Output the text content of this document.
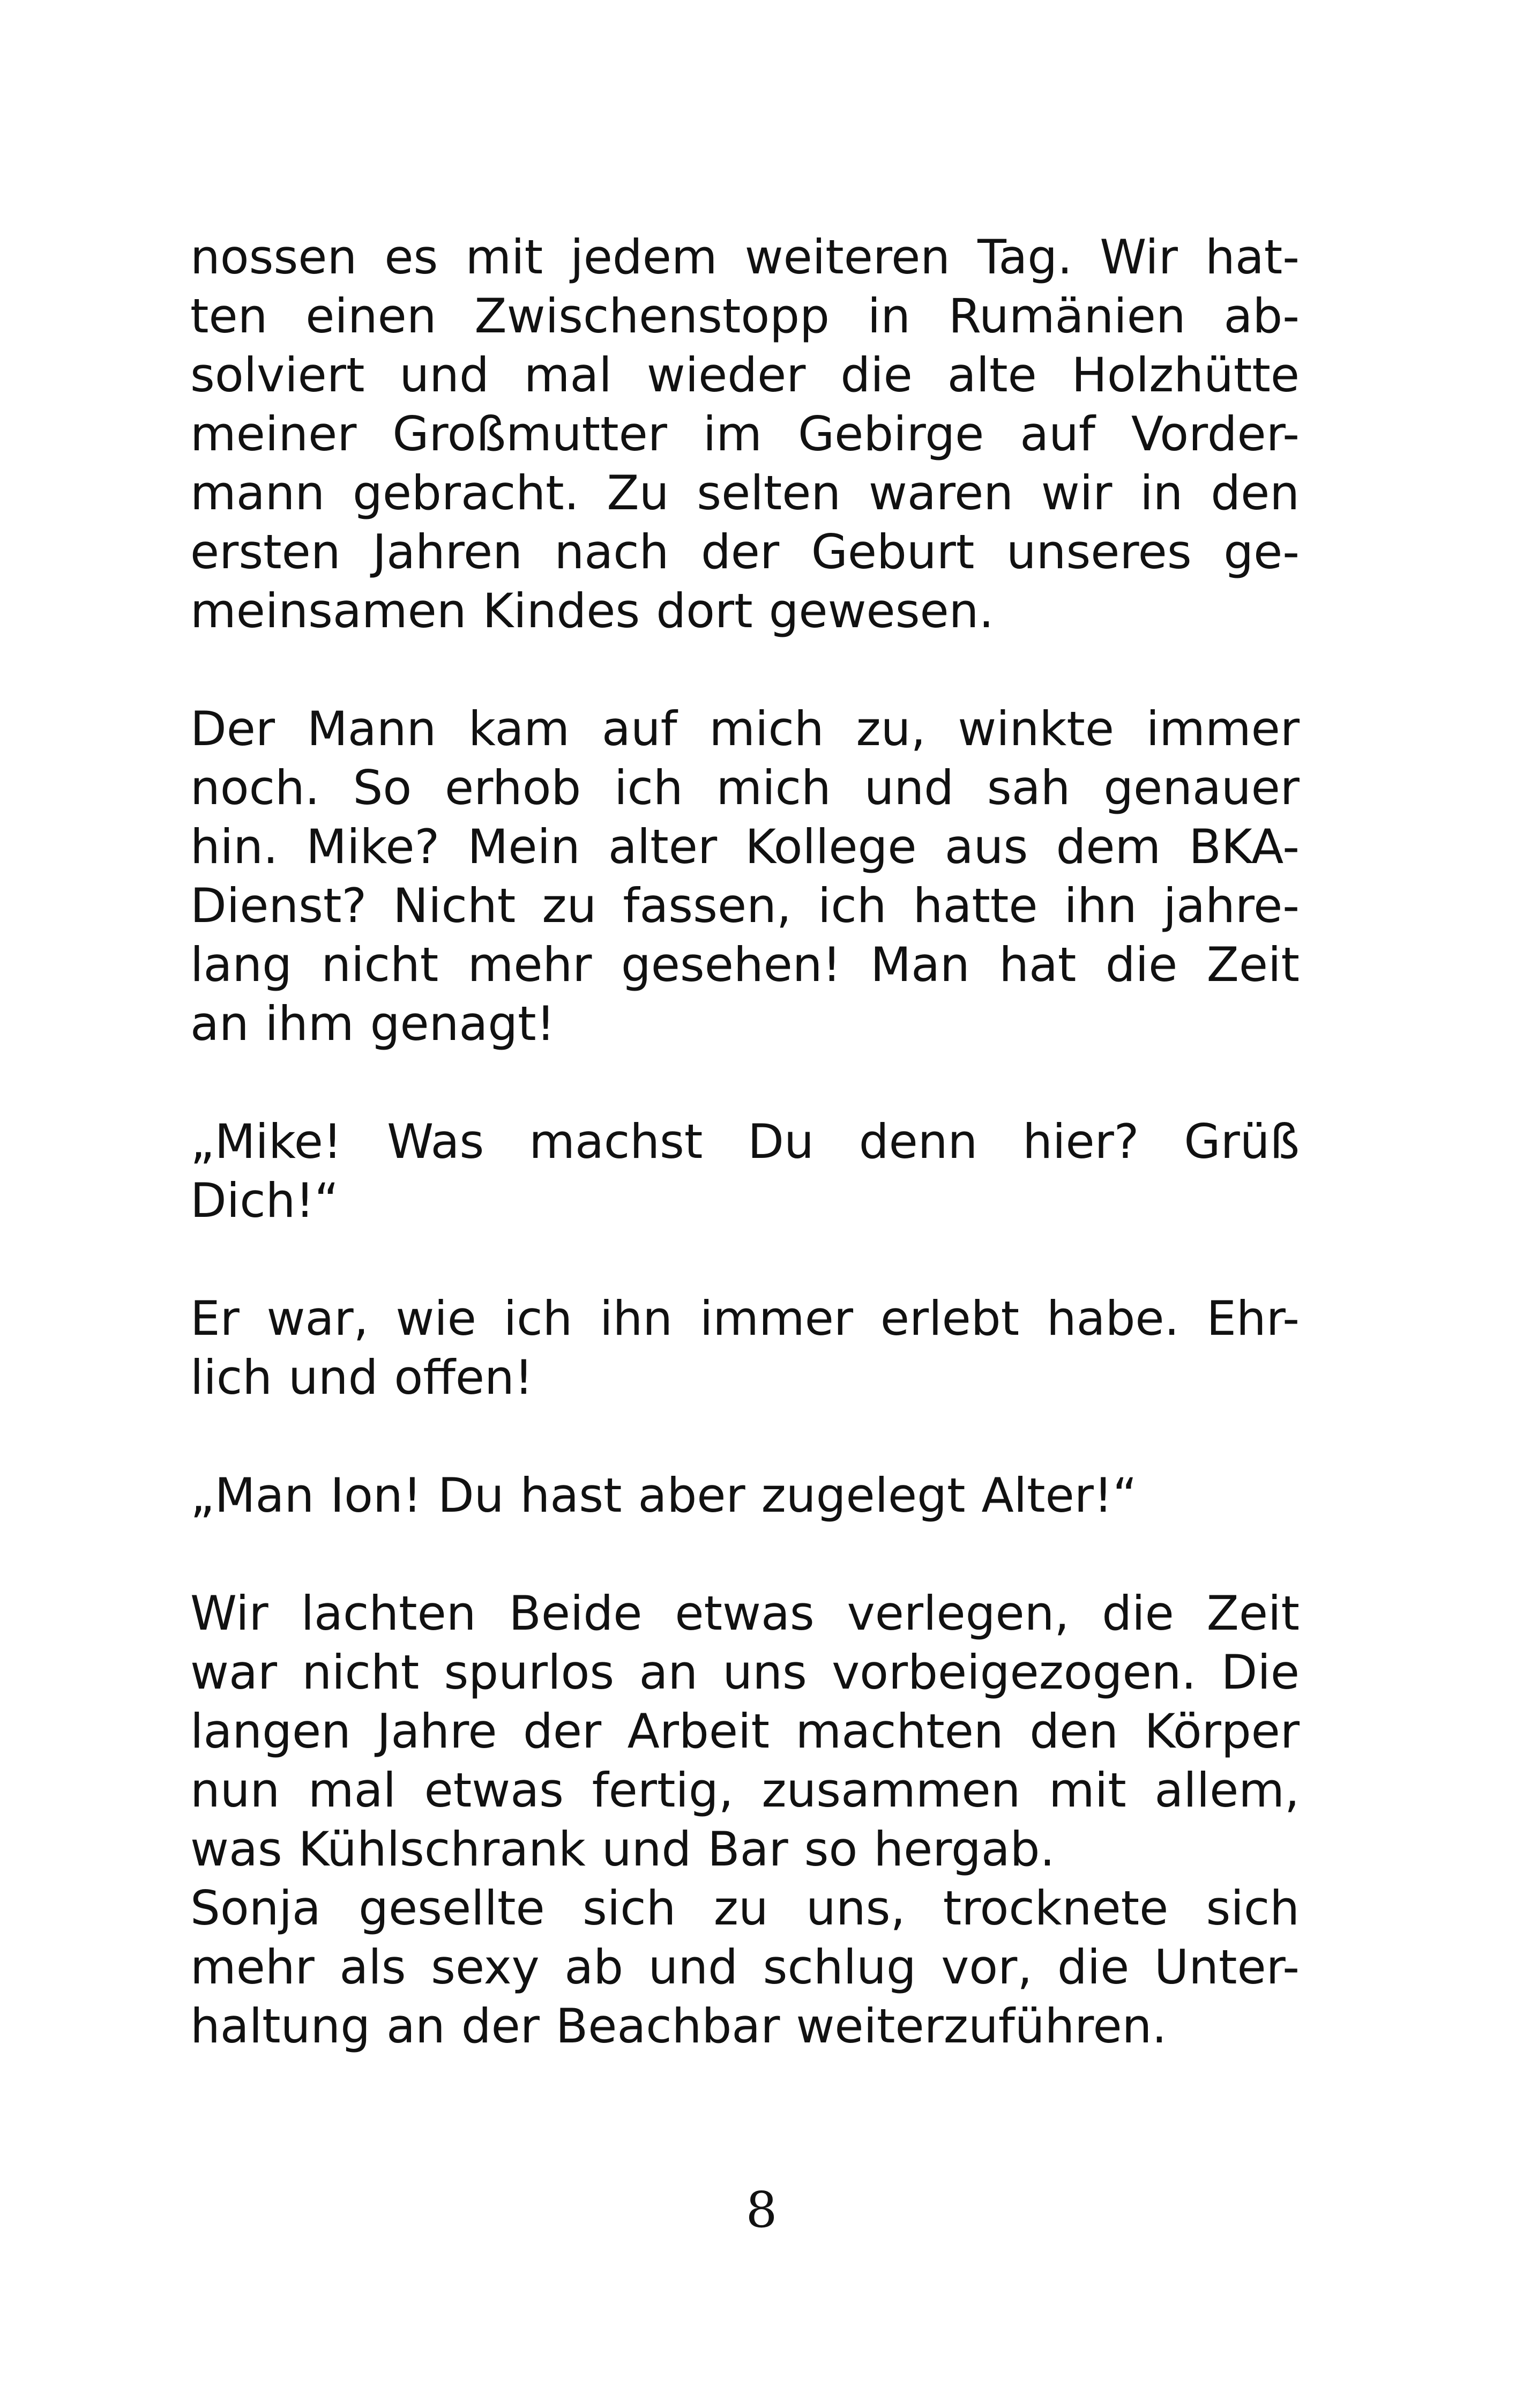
nossen es mit jedem weiteren Tag. Wir hat-
ten einen Zwischenstopp in Rumänien ab-
solviert und mal wieder die alte Holzhütte
meiner Großmutter im Gebirge auf Vorder-
mann gebracht. Zu selten waren wir in den
ersten Jahren nach der Geburt unseres ge-
meinsamen Kindes dort gewesen.
Der Mann kam auf mich zu, winkte immer
noch. So erhob ich mich und sah genauer
hin. Mike? Mein alter Kollege aus dem BKA-
Dienst? Nicht zu fassen, ich hatte ihn jahre-
lang nicht mehr gesehen! Man hat die Zeit
an ihm genagt!
„Mike! Was machst Du denn hier? Grüß
Dich!“
Er war, wie ich ihn immer erlebt habe. Ehr-
lich und offen!
„Man Ion! Du hast aber zugelegt Alter!“
Wir lachten Beide etwas verlegen, die Zeit
war nicht spurlos an uns vorbeigezogen. Die
langen Jahre der Arbeit machten den Körper
nun mal etwas fertig, zusammen mit allem,
was Kühlschrank und Bar so hergab.
Sonja gesellte sich zu uns, trocknete sich
mehr als sexy ab und schlug vor, die Unter-
haltung an der Beachbar weiterzuführen.
8
